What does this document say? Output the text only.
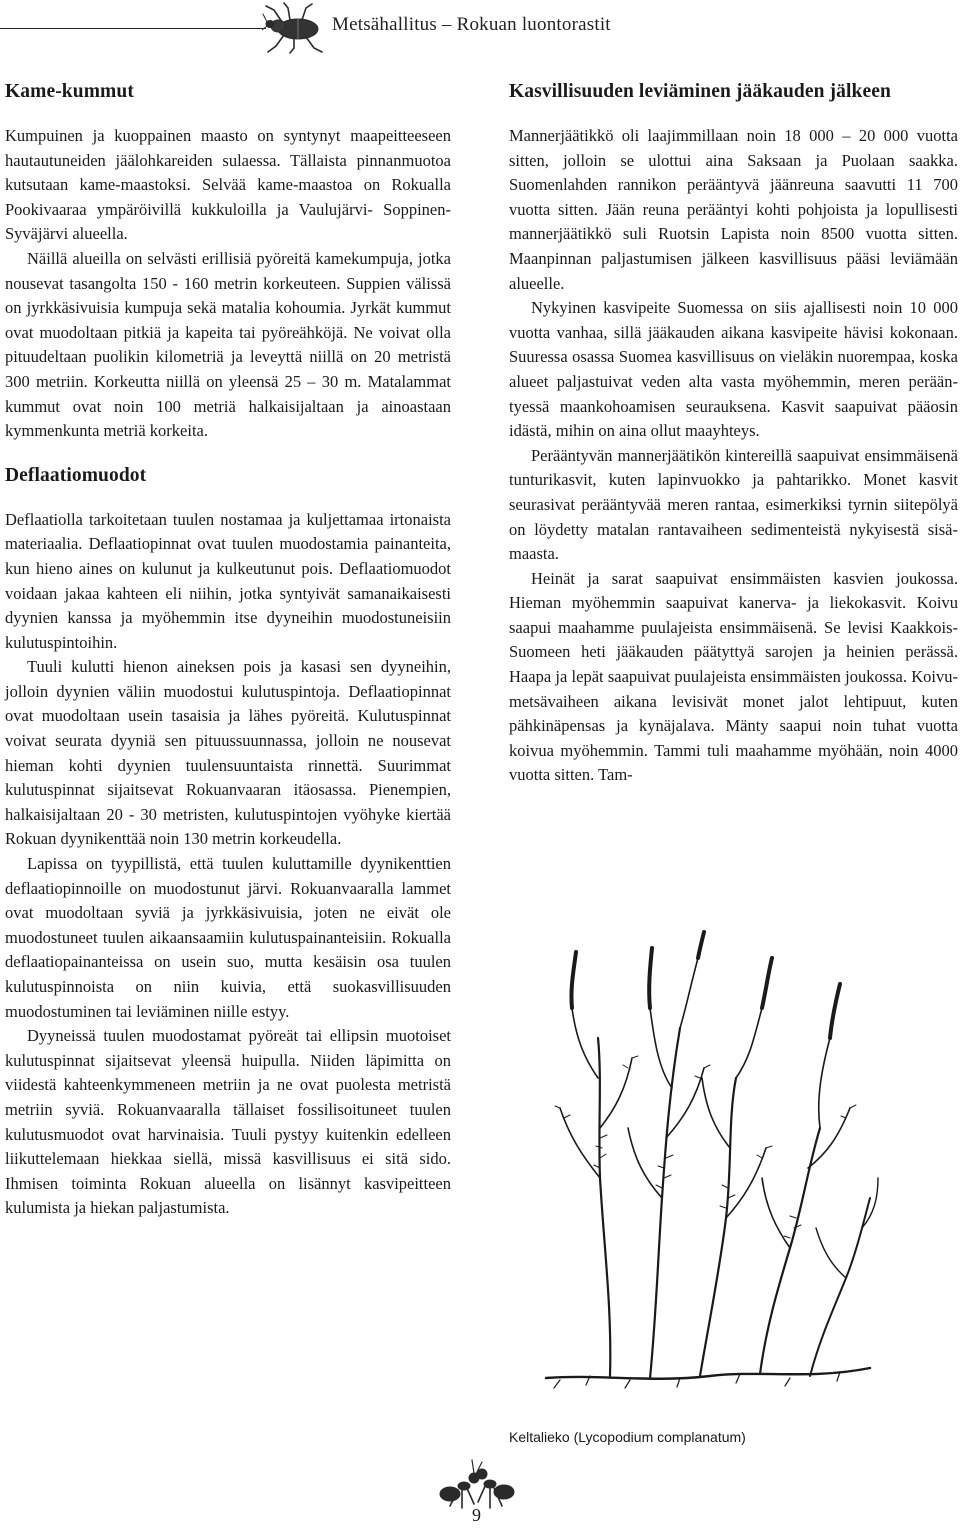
Metsähallitus – Rokuan luontorastit
Kame-kummut

Kumpuinen ja kuoppainen maasto on syntynyt maapeitteeseen hautautuneiden jäälohkareiden sulaessa. Tällaista pinnanmuotoa kutsutaan kame-maastoksi. Selvää kame-maastoa on Rokualla Pookivaaraa ympäröivillä kukkuloilla ja Vaulujärvi- Soppinen-Syväjärvi alueella.

Näillä alueilla on selvästi erillisiä pyöreitä kamekumpuja, jotka nousevat tasangolta 150 - 160 metrin korkeuteen. Suppien välissä on jyrkkäsivuisia kumpuja sekä matalia kohoumia. Jyrkät kummut ovat muodoltaan pitkiä ja kapeita tai pyöreähköjä. Ne voivat olla pituudeltaan puolikin kilometriä ja leveyttä niillä on 20 metristä 300 metriin. Korkeutta niillä on yleensä 25 – 30 m. Matalammat kummut ovat noin 100 metriä halkaisijaltaan ja ainoastaan kymmenkunta metriä korkeita.

Deflaatiomuodot

Deflaatiolla tarkoitetaan tuulen nostamaa ja kuljettamaa irtonaista materiaalia. Deflaatiopinnat ovat tuulen muodostamia painanteita, kun hieno aines on kulunut ja kulkeutunut pois. Deflaatiomuodot voidaan jakaa kahteen eli niihin, jotka syntyivät samanaikaisesti dyynien kanssa ja myöhemmin itse dyyneihin muodostuneisiin kulutuspintoihin.

Tuuli kulutti hienon aineksen pois ja kasasi sen dyyneihin, jolloin dyynien väliin muodostui kulutuspintoja. Deflaatiopinnat ovat muodoltaan usein tasaisia ja lähes pyöreitä. Kulutuspinnat voivat seurata dyyniä sen pituussuunnassa, jolloin ne nousevat hieman kohti dyynien tuulensuuntaista rinnettä. Suurimmat kulutuspinnat sijaitsevat Rokuanvaaran itäosassa. Pienempien, halkaisijaltaan 20 - 30 metristen, kulutuspintojen vyöhyke kiertää Rokuan dyynikenttää noin 130 metrin korkeudella.

Lapissa on tyypillistä, että tuulen kuluttamille dyynikenttien deflaatiopinnoille on muodostunut järvi. Rokuanvaaralla lammet ovat muodoltaan syviä ja jyrkkäsivuisia, joten ne eivät ole muodostuneet tuulen aikaansaamiin kulutuspainanteisiin. Rokualla deflaatiopainanteissa on usein suo, mutta kesäisin osa tuulen kulutuspinnoista on niin kuivia, että suokasvillisuuden muodostuminen tai leviäminen niille estyy.

Dyyneissä tuulen muodostamat pyöreät tai ellipsin muotoiset kulutuspinnat sijaitsevat yleensä huipulla. Niiden läpimitta on viidestä kahteenkymmeneen metriin ja ne ovat puolesta metristä metriin syviä. Rokuanvaaralla tällaiset fossilisoituneet tuulen kulutusmuodot ovat harvinaisia. Tuuli pystyy kuitenkin edelleen liikuttelemaan hiekkaa siellä, missä kasvillisuus ei sitä sido. Ihmisen toiminta Rokuan alueella on lisännyt kasvipeitteen kulumista ja hiekan paljastumista.

Kasvillisuuden leviäminen jääkauden jälkeen

Mannerjäätikkö oli laajimmillaan noin 18 000 – 20 000 vuotta sitten, jolloin se ulottui aina Saksaan ja Puolaan saakka. Suomenlahden rannikon perääntyvä jäänreuna saavutti 11 700 vuotta sitten. Jään reuna perääntyi kohti pohjoista ja lopullisesti mannerjäätikkö suli Ruotsin Lapista noin 8500 vuotta sitten. Maanpinnan paljastumisen jälkeen kasvillisuus pääsi leviämään alueelle.

Nykyinen kasvipeite Suomessa on siis ajallisesti noin 10 000 vuotta vanhaa, sillä jääkauden aikana kasvipeite hävisi kokonaan. Suuressa osassa Suomea kasvillisuus on vieläkin nuorempaa, koska alueet paljastuivat veden alta vasta myöhemmin, meren perääntyessä maankohoamisen seurauksena. Kasvit saapuivat pääosin idästä, mihin on aina ollut maayhteys.

Perääntyvän mannerjäätikön kintereillä saapuivat ensimmäisenä tunturikasvit, kuten lapinvuokko ja pahtarikko. Monet kasvit seurasivat perääntyvää meren rantaa, esimerkiksi tyrnin siitepölyä on löydetty matalan rantavaiheen sedimenteistä nykyisestä sisämaasta.

Heinät ja sarat saapuivat ensimmäisten kasvien joukossa. Hieman myöhemmin saapuivat kanerva- ja liekokasvit. Koivu saapui maahamme puulajeista ensimmäisenä. Se levisi Kaakkois-Suomeen heti jääkauden päätyttyä sarojen ja heinien perässä. Haapa ja lepät saapuivat puulajeista ensimmäisten joukossa. Koivumetsävaiheen aikana levisivät monet jalot lehtipuut, kuten pähkinäpensas ja kynäjalava. Mänty saapui noin tuhat vuotta koivua myöhemmin. Tammi tuli maahamme myöhään, noin 4000 vuotta sitten. Tam-

Keltalieko (Lycopodium complanatum)
9
